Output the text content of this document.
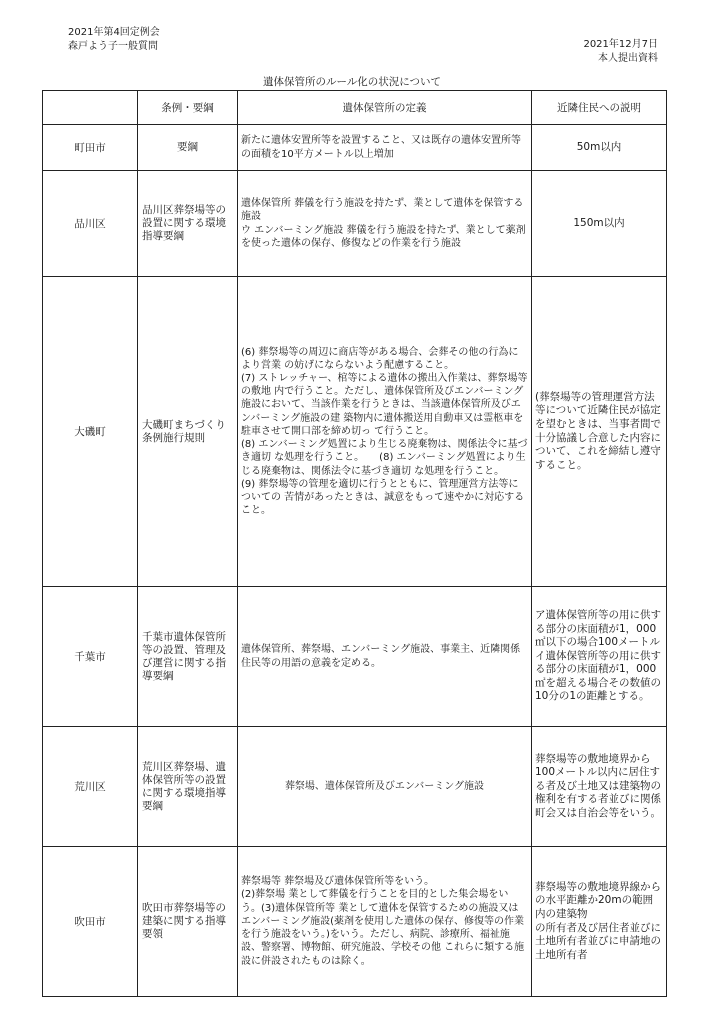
2021年第4回定例会
森戸よう子一般質問	2021年12月7日
本人提出資料
遺体保管所のルール化の状況について
	条例・要綱	遺体保管所の定義	近隣住民への説明
町田市	要綱	新たに遺体安置所等を設置すること、又は既存の遺体安置所等の面積を10平方メートル以上増加	50m以内
品川区	品川区葬祭場等の設置に関する環境指導要綱	遺体保管所 葬儀を行う施設を持たず、業として遺体を保管する施設
ウ エンバーミング施設 葬儀を行う施設を持たず、業として薬剤を使った遺体の保存、修復などの作業を行う施設	150m以内
大磯町	大磯町まちづくり条例施行規則	(6) 葬祭場等の周辺に商店等がある場合、会葬その他の行為により営業 の妨げにならないよう配慮すること。　　　　　　　　　　(7) ストレッチャー、棺等による遺体の搬出入作業は、葬祭場等の敷地 内で行うこと。ただし、遺体保管所及びエンバーミング施設において、当該作業を行うときは、当該遺体保管所及びエンバーミング施設の建 築物内に遺体搬送用自動車又は霊柩車を駐車させて開口部を締め切っ て行うこと。
(8) エンバーミング処置により生じる廃棄物は、関係法令に基づき適切 な処理を行うこと。　　(8) エンバーミング処置により生じる廃棄物は、関係法令に基づき適切 な処理を行うこと。
(9) 葬祭場等の管理を適切に行うとともに、管理運営方法等についての 苦情があったときは、誠意をもって速やかに対応すること。	(葬祭場等の管理運営方法等について近隣住民が協定を望むときは、当事者間で十分協議し合意した内容について、これを締結し遵守すること。
千葉市	千葉市遺体保管所等の設置、管理及び運営に関する指導要綱	遺体保管所、葬祭場、エンバーミング施設、事業主、近隣関係住民等の用語の意義を定める。	ア遺体保管所等の用に供する部分の床面積が1，000㎡以下の場合100メートル　イ遺体保管所等の用に供する部分の床面積が1，000㎡を超える場合その数値の10分の1の距離とする。
荒川区	荒川区葬祭場、遺体保管所等の設置に関する環境指導要綱	葬祭場、遺体保管所及びエンバーミング施設	葬祭場等の敷地境界から100メートル以内に居住する者及び土地又は建築物の権利を有する者並びに関係町会又は自治会等をいう。
吹田市	吹田市葬祭場等の建築に関する指導要領	葬祭場等 葬祭場及び遺体保管所等をいう。
(2)葬祭場 業として葬儀を行うことを目的とした集会場をいう。(3)遺体保管所等 業として遺体を保管するための施設又はエンバーミング施設(薬剤を使用した遺体の保存、修復等の作業を行う施設をいう。)をいう。ただし、病院、診療所、福祉施設、警察署、博物館、研究施設、学校その他 これらに類する施設に併設されたものは除く。	葬祭場等の敷地境界線からの水平距離か20mの範囲内の建築物
の所有者及び居住者並びに土地所有者並びに申請地の土地所有者
